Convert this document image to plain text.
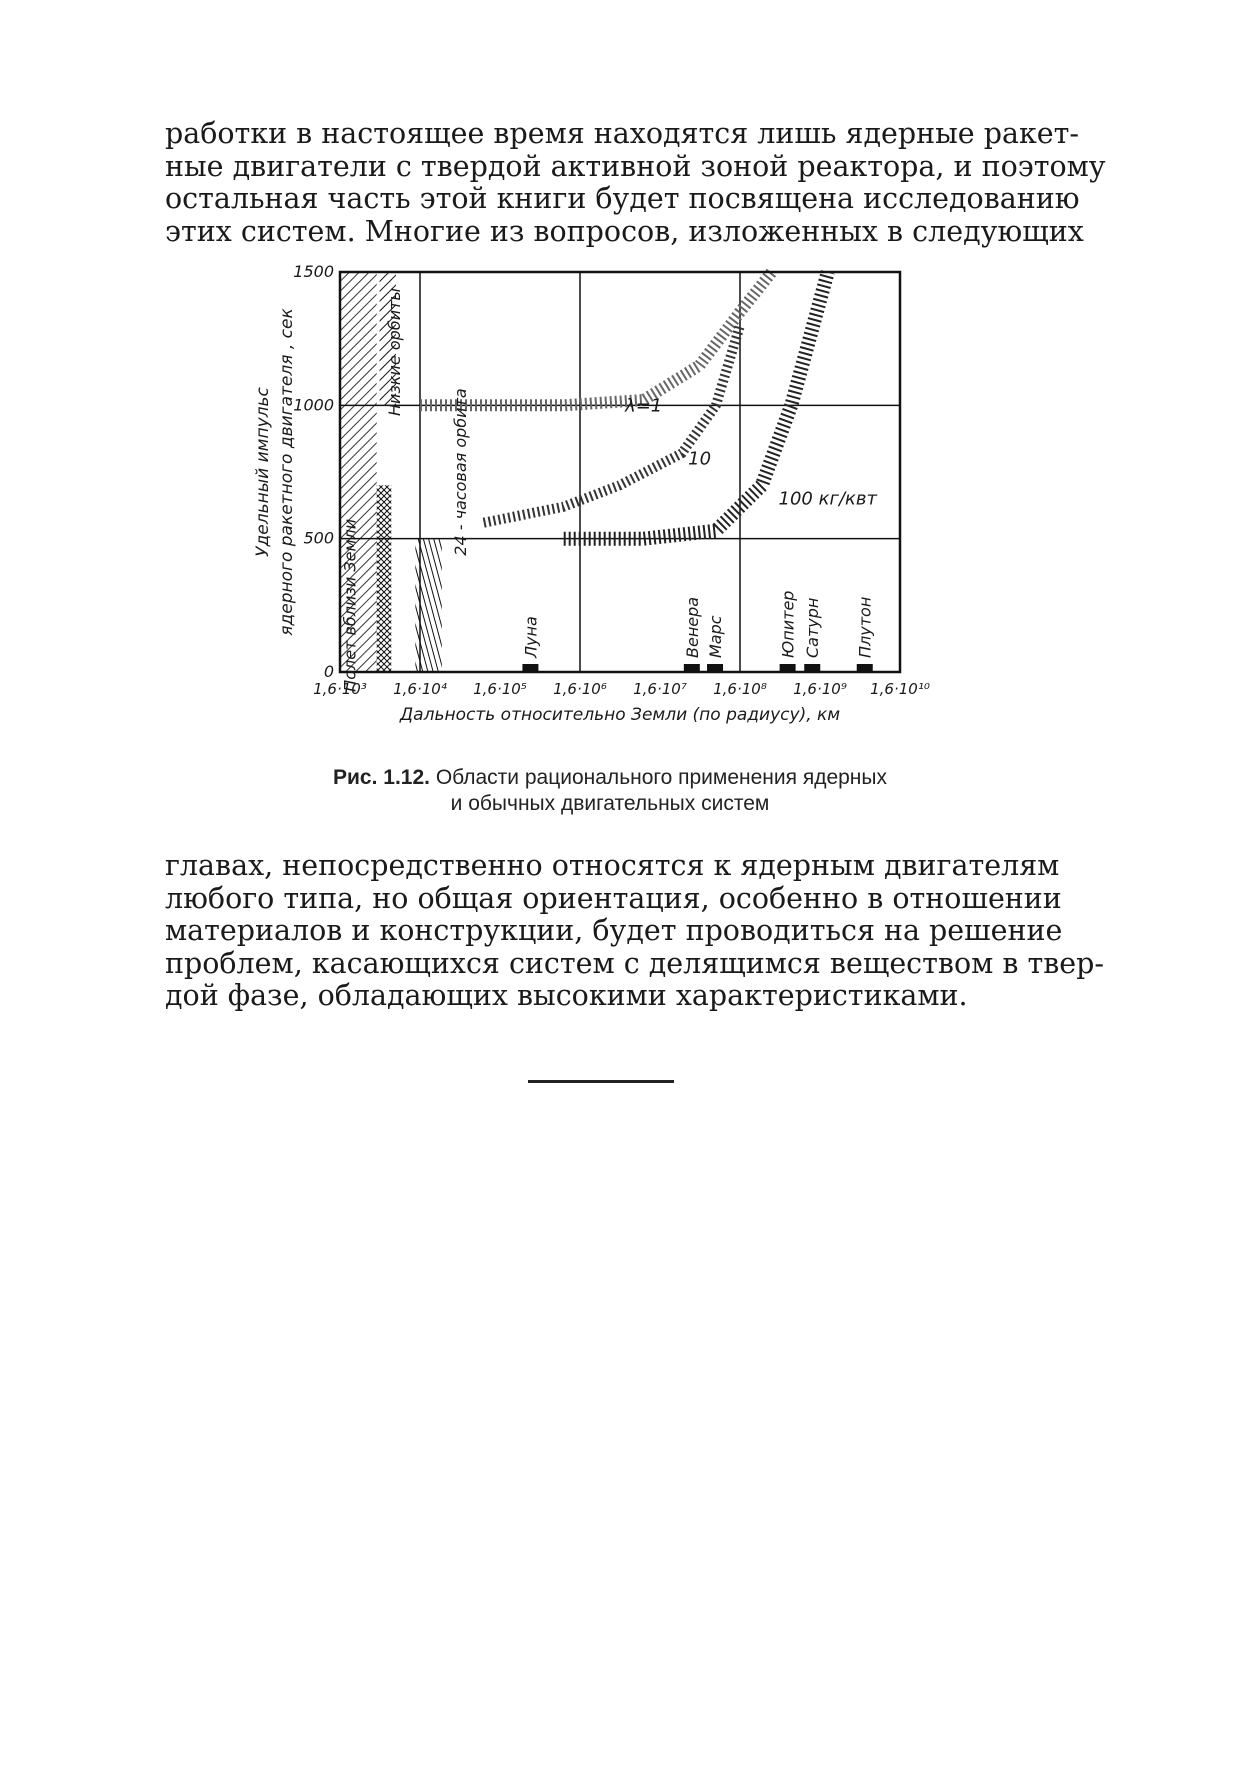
работки в настоящее время находятся лишь ядерные ракет-
ные двигатели с твердой активной зоной реактора, и поэтому
остальная часть этой книги будет посвящена исследованию
этих систем. Многие из вопросов, изложенных в следующих
0
500
1000
1500
1,6·10³ 1,6·10⁴ 1,6·10⁵ 1,6·10⁶ 1,6·10⁷ 1,6·10⁸ 1,6·10⁹ 1,6·10¹⁰
Дальность относительно Земли (по радиусу), км
Удельный импульс ядерного ракетного двигателя , сек	Полет вблизи Земли
Низкие орбиты
24 - часовая орбита	λ=1
10
100 кг/квт
Луна	Венера Марс	Юпитер Сатурн Плутон
Рис. 1.12. Области рационального применения ядерных
и обычных двигательных систем
главах, непосредственно относятся к ядерным двигателям
любого типа, но общая ориентация, особенно в отношении
материалов и конструкции, будет проводиться на решение
проблем, касающихся систем с делящимся веществом в твер-
дой фазе, обладающих высокими характеристиками.
